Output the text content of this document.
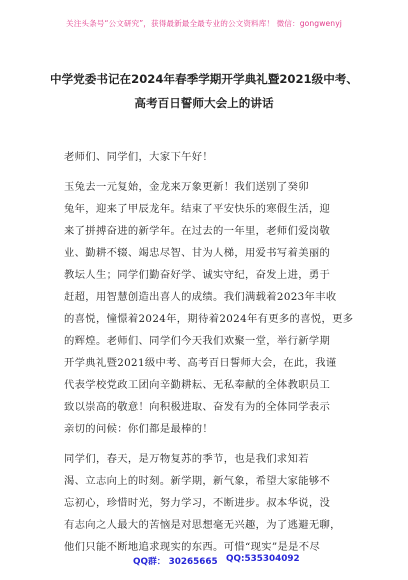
关注头条号“公文研究”，获得最新最全最专业的公文资料库！ 微信：gongwenyj
中学党委书记在2024年春季学期开学典礼暨2021级中考、
高考百日誓师大会上的讲话
老师们、同学们，大家下午好！
玉兔去一元复始，金龙来万象更新！我们送别了癸卯
兔年，迎来了甲辰龙年。结束了平安快乐的寒假生活，迎
来了拼搏奋进的新学年。在过去的一年里，老师们爱岗敬
业、勤耕不辍、竭忠尽智、甘为人梯，用爱书写着美丽的
教坛人生；同学们勤奋好学、诚实守纪，奋发上进，勇于
赶超，用智慧创造出喜人的成绩。我们满载着2023年丰收
的喜悦，憧憬着2024年，期待着2024年有更多的喜悦，更多
的辉煌。老师们、同学们今天我们欢聚一堂，举行新学期
开学典礼暨2021级中考、高考百日誓师大会，在此，我谨
代表学校党政工团向辛勤耕耘、无私奉献的全体教职员工
致以崇高的敬意！向积极进取、奋发有为的全体同学表示
亲切的问候：你们都是最棒的！
同学们，春天，是万物复苏的季节，也是我们求知若
渴、立志向上的时刻。新学期，新气象，希望大家能够不
忘初心，珍惜时光，努力学习，不断进步。叔本华说，没
有志向之人最大的苦恼是对思想毫无兴趣，为了逃避无聊，
他们只能不断地追求现实的东西。可惜“现实”是是不尽
QQ群： 30265665 QQ:535304092
